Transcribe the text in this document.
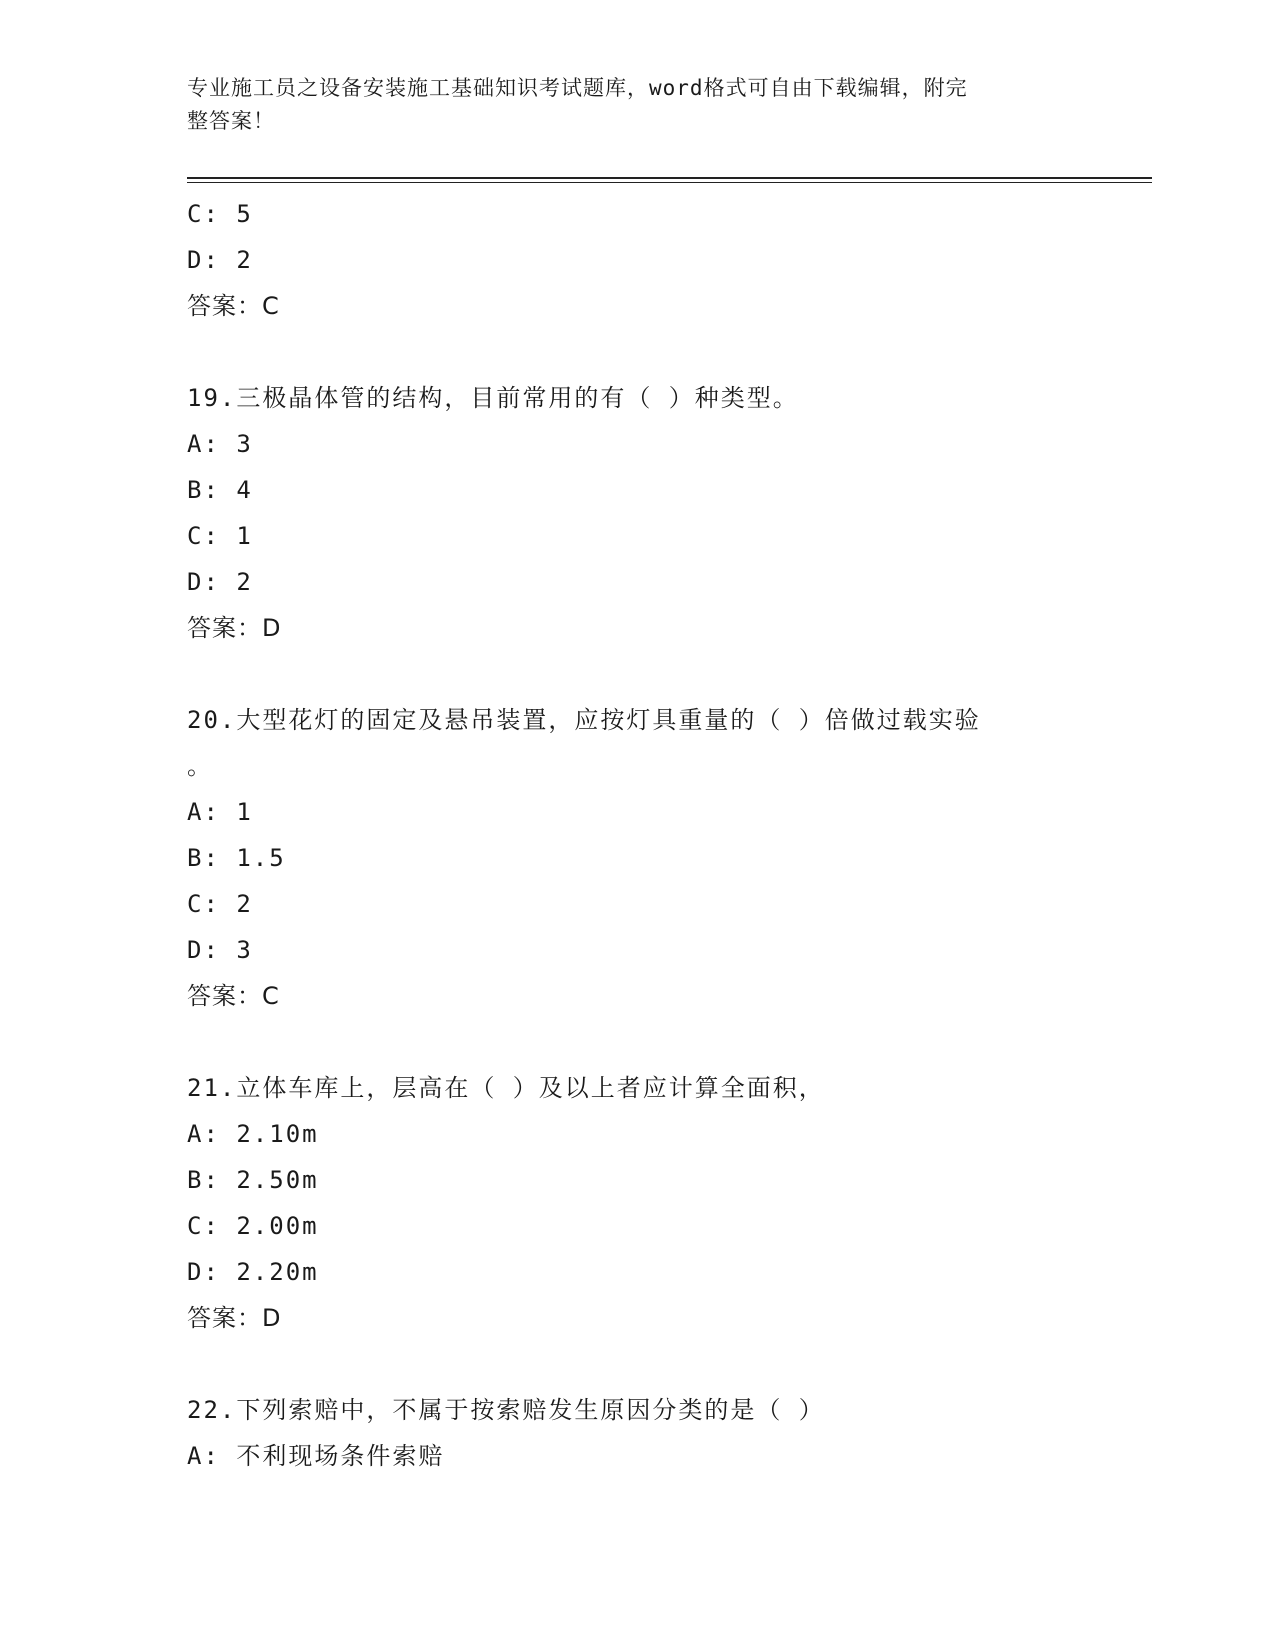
专业施工员之设备安装施工基础知识考试题库，word格式可自由下载编辑，附完
整答案！
C: 5
D: 2
答案：C
19.三极晶体管的结构，目前常用的有（ ）种类型。
A: 3
B: 4
C: 1
D: 2
答案：D
20.大型花灯的固定及悬吊装置，应按灯具重量的（ ）倍做过载实验
。
A: 1
B: 1.5
C: 2
D: 3
答案：C
21.立体车库上，层高在（ ）及以上者应计算全面积，
A: 2.10m
B: 2.50m
C: 2.00m
D: 2.20m
答案：D
22.下列索赔中，不属于按索赔发生原因分类的是（ ）
A: 不利现场条件索赔
